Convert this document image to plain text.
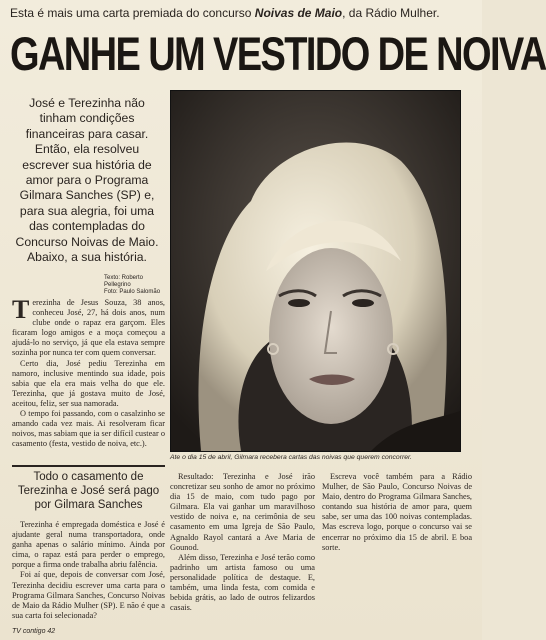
Esta é mais uma carta premiada do concurso Noivas de Maio, da Rádio Mulher.
GANHE UM VESTIDO DE NOIVA
José e Terezinha não tinham condições financeiras para casar. Então, ela resolveu escrever sua história de amor para o Programa Gilmara Sanches (SP) e, para sua alegria, foi uma das contempladas do Concurso Noivas de Maio. Abaixo, a sua história.
Texto: Roberto Pellegrino
Foto: Paulo Salomão

Terezinha de Jesus Souza, 38 anos, conheceu José, 27, há dois anos, num clube onde o rapaz era garçom. Eles ficaram logo amigos e a moça começou a ajudá-lo no serviço, já que ela estava sempre sozinha por nunca ter com quem conversar.

Certo dia, José pediu Terezinha em namoro, inclusive mentindo sua idade, pois sabia que ela era mais velha do que ele. Terezinha, que já gostava muito de José, aceitou, feliz, ser sua namorada.

O tempo foi passando, com o casalzinho se amando cada vez mais. Ai resolveram ficar noivos, mas sabiam que ia ser difícil custear o casamento (festa, vestido de noiva, etc.).

Ate o dia 15 de abril, Gilmara recebera cartas das noivas que querem concorrer.
Todo o casamento de Terezinha e José será pago por Gilmara Sanches

Terezinha é empregada doméstica e José é ajudante geral numa transportadora, onde ganha apenas o salário mínimo. Ainda por cima, o rapaz está para perder o emprego, porque a firma onde trabalha abriu falência.

Foi aí que, depois de conversar com José, Terezinha decidiu escrever uma carta para o Programa Gilmara Sanches, Concurso Noivas de Maio da Rádio Mulher (SP). E não é que a sua carta foi selecionada?

Resultado: Terezinha e José irão concretizar seu sonho de amor no próximo dia 15 de maio, com tudo pago por Gilmara. Ela vai ganhar um maravilhoso vestido de noiva e, na cerimônia de seu casamento em uma Igreja de São Paulo, Agnaldo Rayol cantará a Ave Maria de Gounod.

Além disso, Terezinha e José terão como padrinho um artista famoso ou uma personalidade política de destaque. E, também, uma linda festa, com comida e bebida grátis, ao lado de outros felizardos casais.

Escreva você também para a Rádio Mulher, de São Paulo, Concurso Noivas de Maio, dentro do Programa Gilmara Sanches, contando sua história de amor para, quem sabe, ser uma das 100 noivas contempladas. Mas escreva logo, porque o concurso vai se encerrar no próximo dia 15 de abril. E boa sorte.

TV contigo 42
